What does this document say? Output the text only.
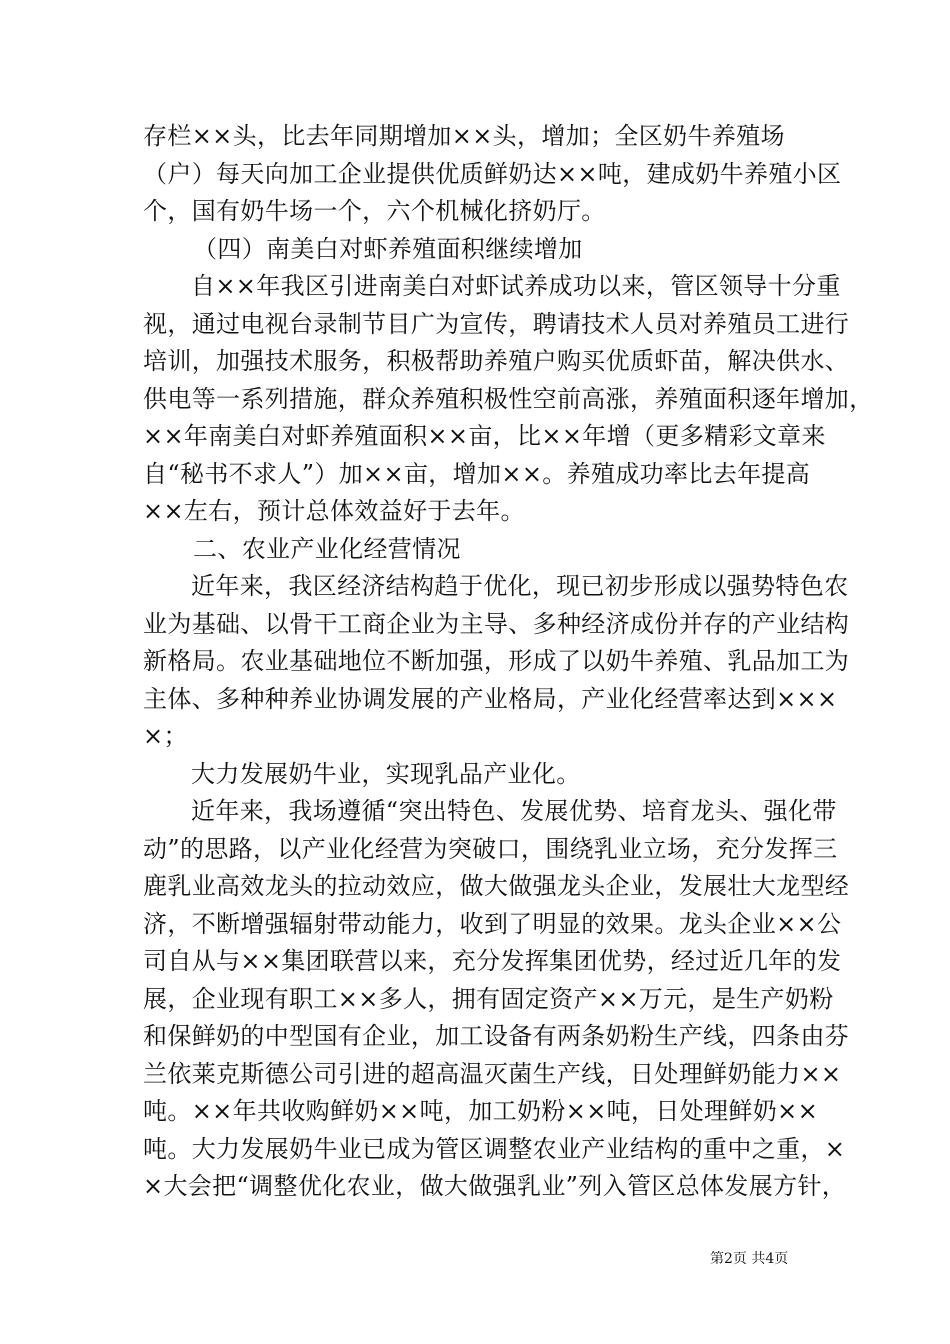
存栏××头，比去年同期增加××头，增加；全区奶牛养殖场
（户）每天向加工企业提供优质鲜奶达××吨，建成奶牛养殖小区
个，国有奶牛场一个，六个机械化挤奶厅。
（四）南美白对虾养殖面积继续增加
自××年我区引进南美白对虾试养成功以来，管区领导十分重
视，通过电视台录制节目广为宣传，聘请技术人员对养殖员工进行
培训，加强技术服务，积极帮助养殖户购买优质虾苗，解决供水、
供电等一系列措施，群众养殖积极性空前高涨，养殖面积逐年增加，
××年南美白对虾养殖面积××亩，比××年增（更多精彩文章来
自“秘书不求人”）加××亩，增加××。养殖成功率比去年提高
××左右，预计总体效益好于去年。
二、农业产业化经营情况
近年来，我区经济结构趋于优化，现已初步形成以强势特色农
业为基础、以骨干工商企业为主导、多种经济成份并存的产业结构
新格局。农业基础地位不断加强，形成了以奶牛养殖、乳品加工为
主体、多种种养业协调发展的产业格局，产业化经营率达到×××
×；
大力发展奶牛业，实现乳品产业化。
近年来，我场遵循“突出特色、发展优势、培育龙头、强化带
动”的思路，以产业化经营为突破口，围绕乳业立场，充分发挥三
鹿乳业高效龙头的拉动效应，做大做强龙头企业，发展壮大龙型经
济，不断增强辐射带动能力，收到了明显的效果。龙头企业××公
司自从与××集团联营以来，充分发挥集团优势，经过近几年的发
展，企业现有职工××多人，拥有固定资产××万元，是生产奶粉
和保鲜奶的中型国有企业，加工设备有两条奶粉生产线，四条由芬
兰依莱克斯德公司引进的超高温灭菌生产线，日处理鲜奶能力××
吨。××年共收购鲜奶××吨，加工奶粉××吨，日处理鲜奶××
吨。大力发展奶牛业已成为管区调整农业产业结构的重中之重，×
×大会把“调整优化农业，做大做强乳业”列入管区总体发展方针，
第2页 共4页
